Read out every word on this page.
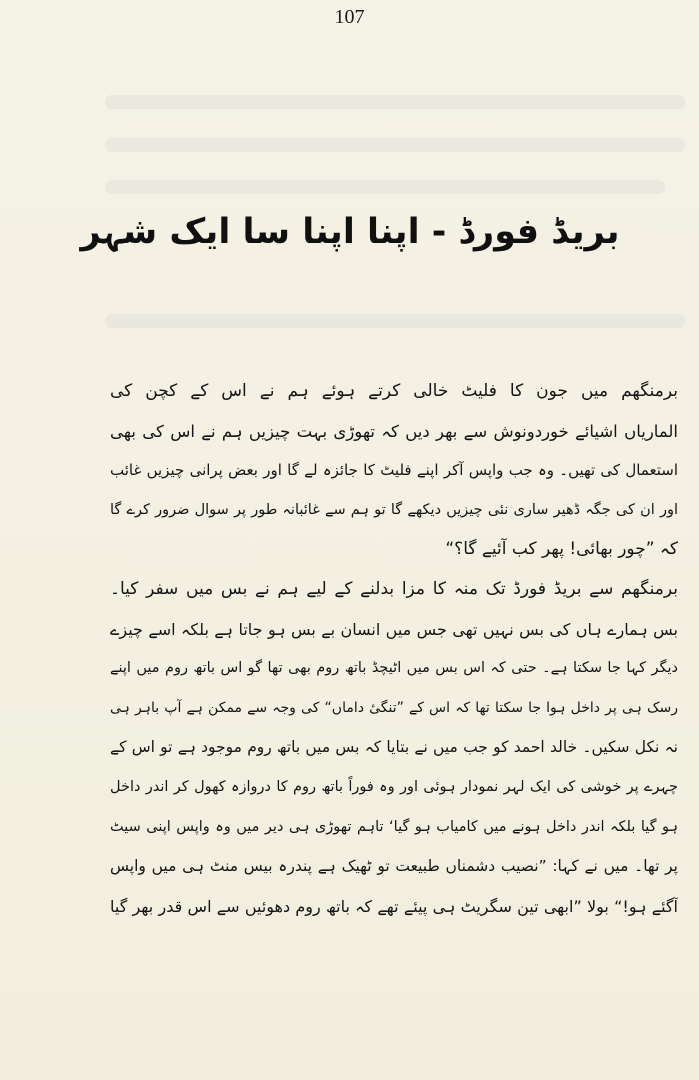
107
بریڈ فورڈ - اپنا اپنا سا ایک شہر
برمنگھم میں جون کا فلیٹ خالی کرتے ہوئے ہم نے اس کے کچن کی
الماریاں اشیائے خوردونوش سے بھر دیں کہ تھوڑی بہت چیزیں ہم نے اس کی بھی
استعمال کی تھیں۔ وہ جب واپس آکر اپنے فلیٹ کا جائزہ لے گا اور بعض پرانی چیزیں غائب
اور ان کی جگہ ڈھیر ساری نئی چیزیں دیکھے گا تو ہم سے غائبانہ طور پر سوال ضرور کرے گا
کہ ”چور بھائی! پھر کب آئیے گا؟“
برمنگھم سے بریڈ فورڈ تک منہ کا مزا بدلنے کے لیے ہم نے بس میں سفر کیا۔
بس ہمارے ہاں کی بس نہیں تھی جس میں انسان بے بس ہو جاتا ہے بلکہ اسے چیزے
دیگر کہا جا سکتا ہے۔ حتی کہ اس بس میں اٹیچڈ باتھ روم بھی تھا گو اس باتھ روم میں اپنے
رسک ہی پر داخل ہوا جا سکتا تھا کہ اس کے ”تنگیٔ داماں“ کی وجہ سے ممکن ہے آپ باہر ہی
نہ نکل سکیں۔ خالد احمد کو جب میں نے بتایا کہ بس میں باتھ روم موجود ہے تو اس کے
چہرے پر خوشی کی ایک لہر نمودار ہوئی اور وہ فوراً باتھ روم کا دروازہ کھول کر اندر داخل
ہو گیا بلکہ اندر داخل ہونے میں کامیاب ہو گیا‘ تاہم تھوڑی ہی دیر میں وہ واپس اپنی سیٹ
پر تھا۔ میں نے کہا: ”نصیب دشمناں طبیعت تو ٹھیک ہے پندرہ بیس منٹ ہی میں واپس
آگئے ہو!“ بولا ”ابھی تین سگریٹ ہی پیئے تھے کہ باتھ روم دھوئیں سے اس قدر بھر گیا
